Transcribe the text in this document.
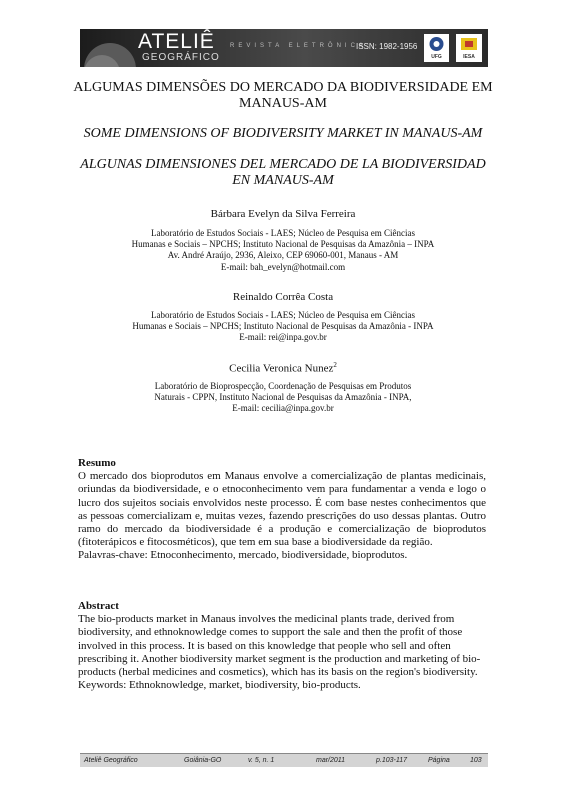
ATELIÊ
GEOGRÁFICO
REVISTA ELETRÔNICA
ISSN: 1982-1956
UFG	IESA
ALGUMAS DIMENSÕES DO MERCADO DA BIODIVERSIDADE EM
MANAUS-AM
SOME DIMENSIONS OF BIODIVERSITY MARKET IN MANAUS-AM
ALGUNAS DIMENSIONES DEL MERCADO DE LA BIODIVERSIDAD
EN MANAUS-AM
Bárbara Evelyn da Silva Ferreira
Laboratório de Estudos Sociais - LAES; Núcleo de Pesquisa em Ciências
Humanas e Sociais – NPCHS; Instituto Nacional de Pesquisas da Amazônia – INPA
Av. André Araújo, 2936, Aleixo, CEP 69060-001, Manaus - AM
E-mail: bah_evelyn@hotmail.com
Reinaldo Corrêa Costa
Laboratório de Estudos Sociais - LAES; Núcleo de Pesquisa em Ciências
Humanas e Sociais – NPCHS; Instituto Nacional de Pesquisas da Amazônia - INPA
E-mail: rei@inpa.gov.br
Cecilia Veronica Nunez$^2$
Laboratório de Bioprospecção, Coordenação de Pesquisas em Produtos
Naturais - CPPN, Instituto Nacional de Pesquisas da Amazônia - INPA,
E-mail: cecilia@inpa.gov.br
Resumo
O mercado dos bioprodutos em Manaus envolve a comercialização de plantas medicinais, oriundas da biodiversidade, e o etnoconhecimento vem para fundamentar a venda e logo o lucro dos sujeitos sociais envolvidos neste processo. É com base nestes conhecimentos que as pessoas comercializam e, muitas vezes, fazendo prescrições do uso dessas plantas. Outro ramo do mercado da biodiversidade é a produção e comercialização de bioprodutos (fitoterápicos e fitocosméticos), que tem em sua base a biodiversidade da região.
Palavras-chave: Etnoconhecimento, mercado, biodiversidade, bioprodutos.
Abstract
The bio-products market in Manaus involves the medicinal plants trade, derived from biodiversity, and ethnoknowledge comes to support the sale and then the profit of those involved in this process. It is based on this knowledge that people who sell and often prescribing it. Another biodiversity market segment is the production and marketing of bio-products (herbal medicines and cosmetics), which has its basis on the region's biodiversity.
Keywords: Ethnoknowledge, market, biodiversity, bio-products.
Ateliê Geográfico	Goiânia-GO	v. 5, n. 1	mar/2011	p.103-117	Página	103
